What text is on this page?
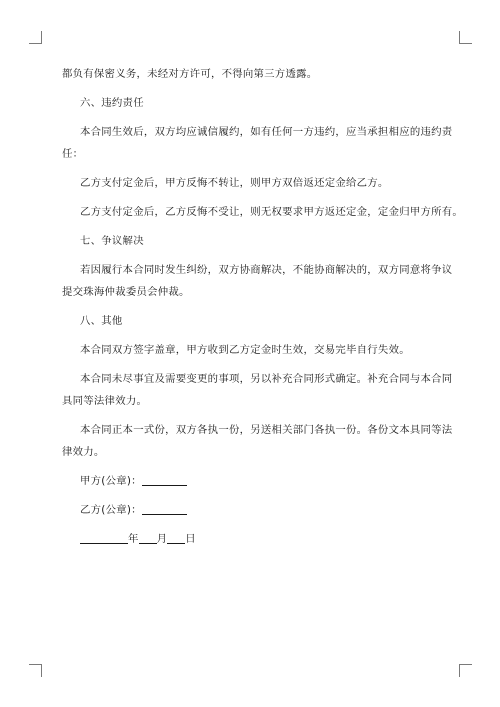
都负有保密义务，未经对方许可，不得向第三方透露。
六、违约责任
本合同生效后，双方均应诚信履约，如有任何一方违约，应当承担相应的违约责
任：
乙方支付定金后，甲方反悔不转让，则甲方双倍返还定金给乙方。
乙方支付定金后，乙方反悔不受让，则无权要求甲方返还定金，定金归甲方所有。
七、争议解决
若因履行本合同时发生纠纷，双方协商解决，不能协商解决的，双方同意将争议
提交珠海仲裁委员会仲裁。
八、其他
本合同双方签字盖章，甲方收到乙方定金时生效，交易完毕自行失效。
本合同未尽事宜及需要变更的事项，另以补充合同形式确定。补充合同与本合同
具同等法律效力。
本合同正本一式份，双方各执一份，另送相关部门各执一份。各份文本具同等法
律效力。
甲方(公章)：
乙方(公章)：
年 月 日
